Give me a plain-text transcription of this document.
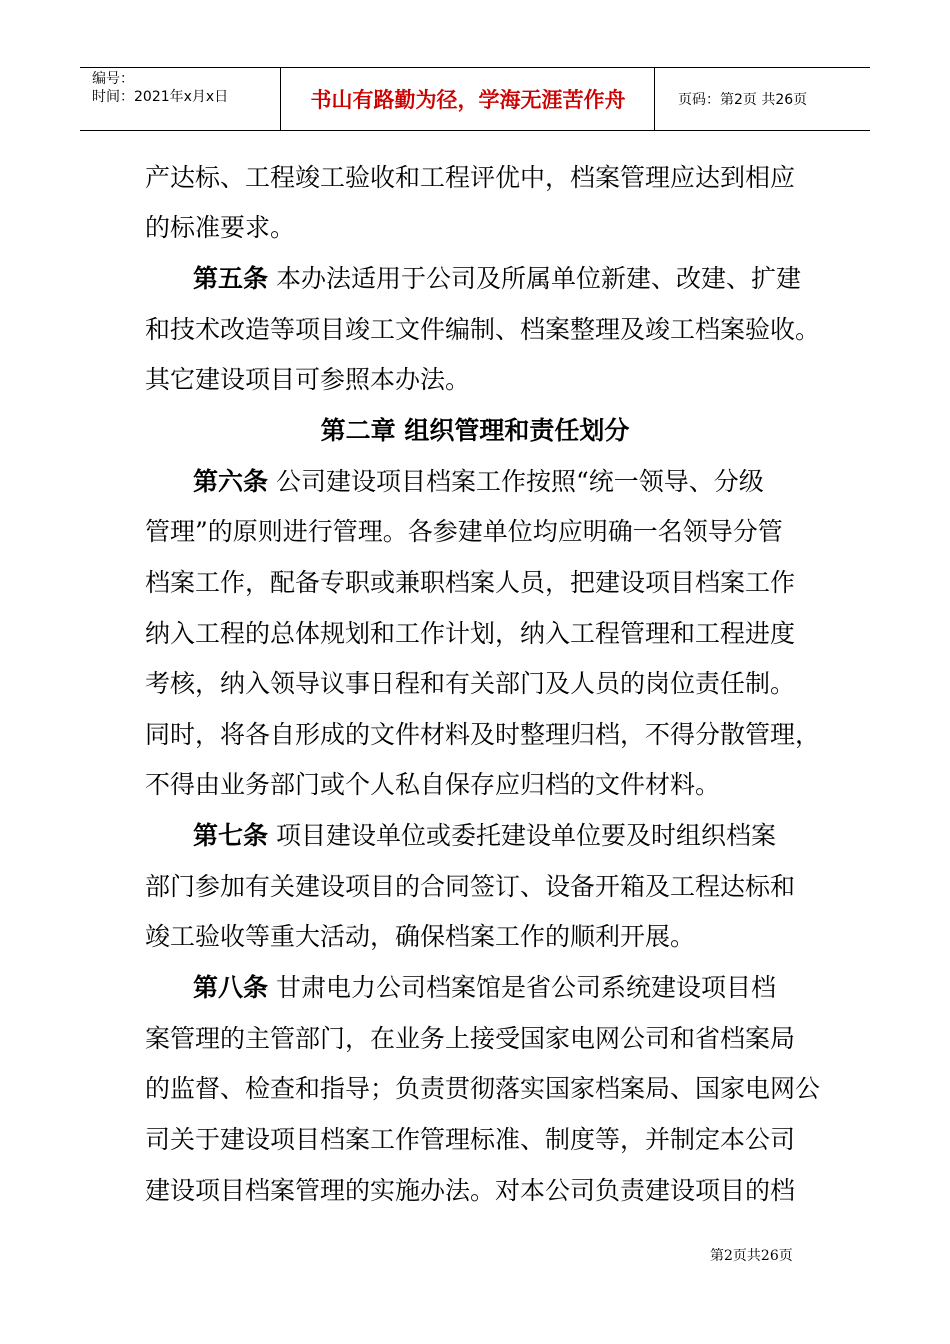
编号：
时间：2021年x月x日	书山有路勤为径，学海无涯苦作舟	页码：第2页 共26页
产达标、工程竣工验收和工程评优中，档案管理应达到相应
的标准要求。
第五条 本办法适用于公司及所属单位新建、改建、扩建
和技术改造等项目竣工文件编制、档案整理及竣工档案验收。
其它建设项目可参照本办法。
第二章 组织管理和责任划分
第六条 公司建设项目档案工作按照“统一领导、分级
管理”的原则进行管理。各参建单位均应明确一名领导分管
档案工作，配备专职或兼职档案人员，把建设项目档案工作
纳入工程的总体规划和工作计划，纳入工程管理和工程进度
考核，纳入领导议事日程和有关部门及人员的岗位责任制。
同时，将各自形成的文件材料及时整理归档，不得分散管理，
不得由业务部门或个人私自保存应归档的文件材料。
第七条 项目建设单位或委托建设单位要及时组织档案
部门参加有关建设项目的合同签订、设备开箱及工程达标和
竣工验收等重大活动，确保档案工作的顺利开展。
第八条 甘肃电力公司档案馆是省公司系统建设项目档
案管理的主管部门，在业务上接受国家电网公司和省档案局
的监督、检查和指导；负责贯彻落实国家档案局、国家电网公
司关于建设项目档案工作管理标准、制度等，并制定本公司
建设项目档案管理的实施办法。对本公司负责建设项目的档
第2页共26页
